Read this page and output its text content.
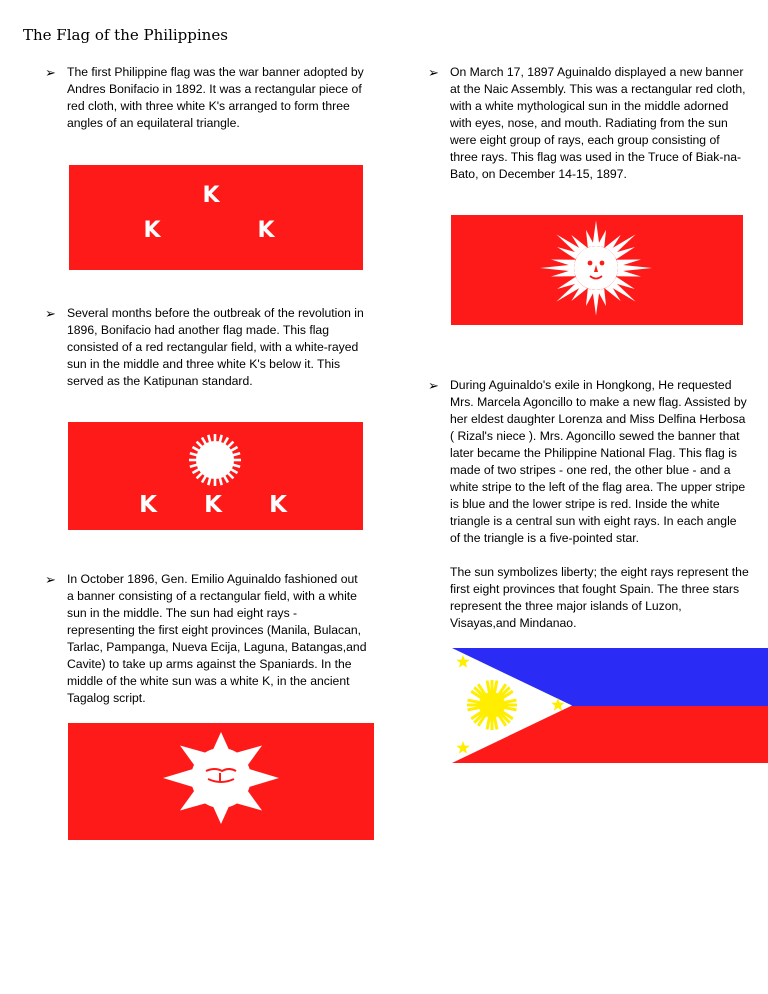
The Flag of the Philippines
➢ The first Philippine flag was the war banner adopted by Andres Bonifacio in 1892. It was a rectangular piece of red cloth, with three white K's arranged to form three angles of an equilateral triangle.

K
K	K
➢ Several months before the outbreak of the revolution in 1896, Bonifacio had another flag made. This flag consisted of a red rectangular field, with a white-rayed sun in the middle and three white K's below it. This served as the Katipunan standard.

K K K
➢ In October 1896, Gen. Emilio Aguinaldo fashioned out a banner consisting of a rectangular field, with a white sun in the middle. The sun had eight rays - representing the first eight provinces (Manila, Bulacan, Tarlac, Pampanga, Nueva Ecija, Laguna, Batangas,and Cavite) to take up arms against the Spaniards. In the middle of the white sun was a white K, in the ancient Tagalog script.

➢ On March 17, 1897 Aguinaldo displayed a new banner at the Naic Assembly. This was a rectangular red cloth, with a white mythological sun in the middle adorned with eyes, nose, and mouth. Radiating from the sun were eight group of rays, each group consisting of three rays. This flag was used in the Truce of Biak-na-Bato, on December 14-15, 1897.

➢ During Aguinaldo's exile in Hongkong, He requested Mrs. Marcela Agoncillo to make a new flag. Assisted by her eldest daughter Lorenza and Miss Delfina Herbosa ( Rizal's niece ). Mrs. Agoncillo sewed the banner that later became the Philippine National Flag. This flag is made of two stripes - one red, the other blue - and a white stripe to the left of the flag area. The upper stripe is blue and the lower stripe is red. Inside the white triangle is a central sun with eight rays. In each angle of the triangle is a five-pointed star.

The sun symbolizes liberty; the eight rays represent the first eight provinces that fought Spain. The three stars represent the three major islands of Luzon, Visayas,and Mindanao.
